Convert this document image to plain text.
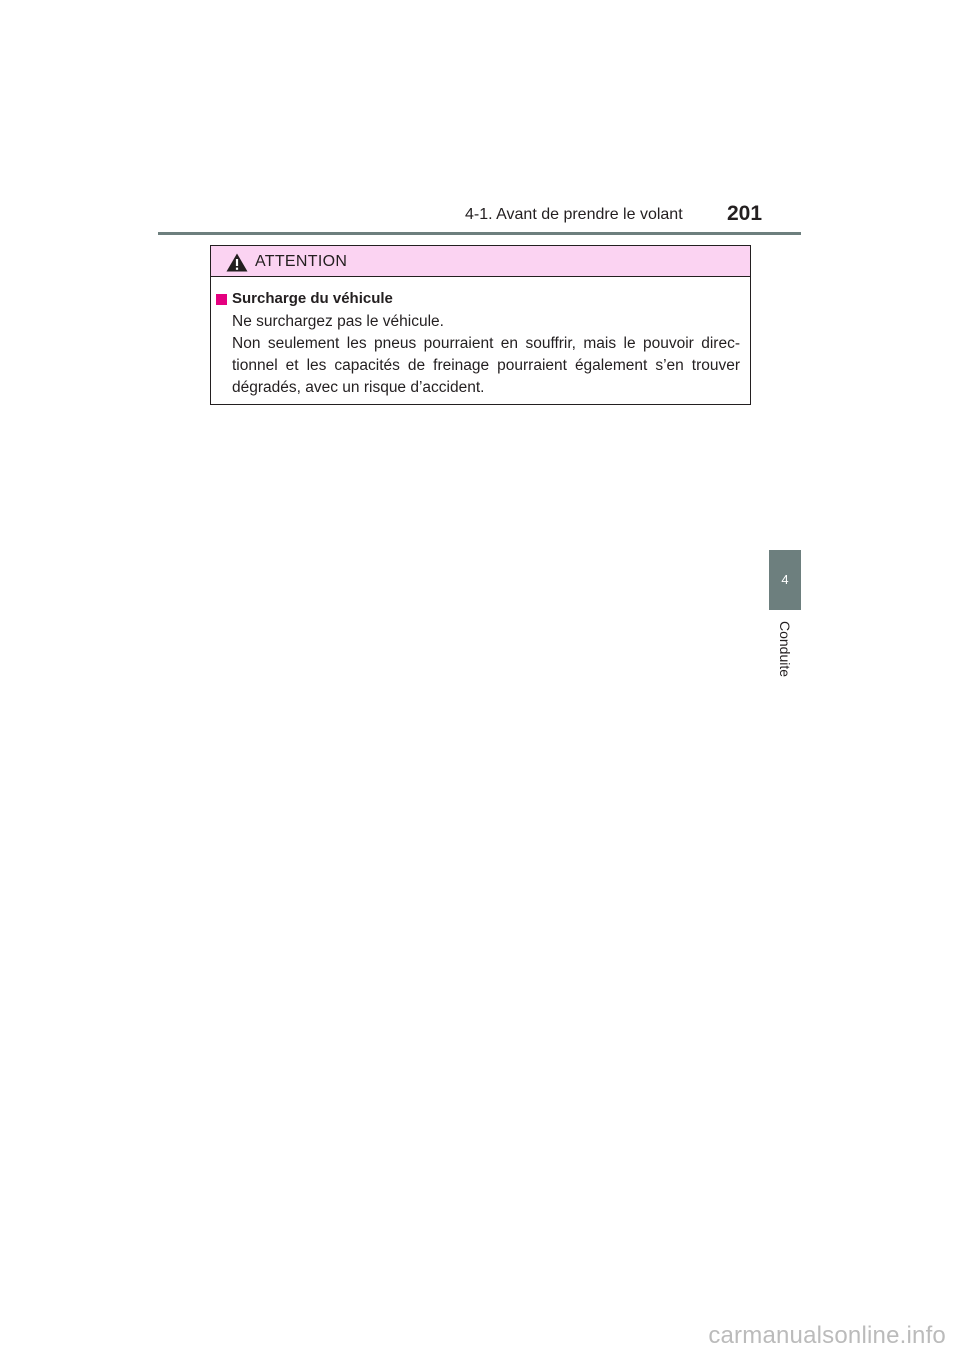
4-1. Avant de prendre le volant 201
4
Conduite
ATTENTION
Surcharge du véhicule
Ne surchargez pas le véhicule.
Non seulement les pneus pourraient en souffrir, mais le pouvoir direc-
tionnel et les capacités de freinage pourraient également s’en trouver
dégradés, avec un risque d’accident.
carmanualsonline.info
